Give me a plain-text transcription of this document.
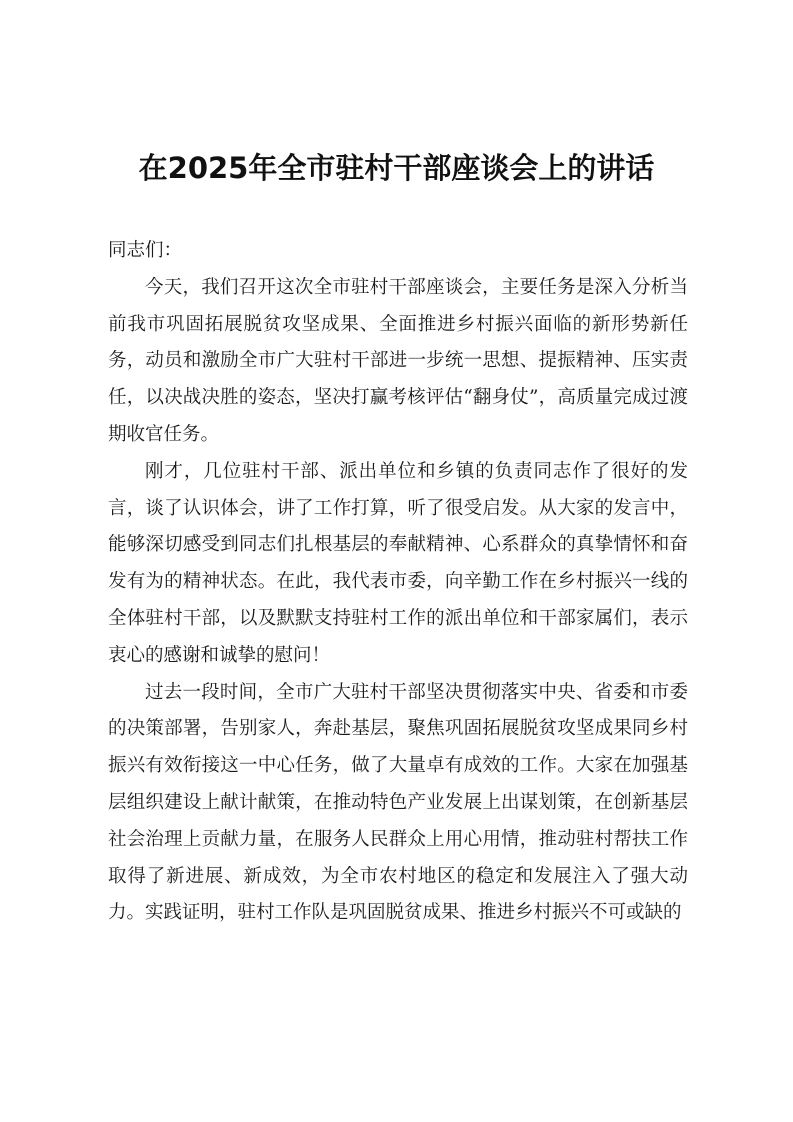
在2025年全市驻村干部座谈会上的讲话

同志们：

今天，我们召开这次全市驻村干部座谈会，主要任务是深入分析当前我市巩固拓展脱贫攻坚成果、全面推进乡村振兴面临的新形势新任务，动员和激励全市广大驻村干部进一步统一思想、提振精神、压实责任，以决战决胜的姿态，坚决打赢考核评估“翻身仗”，高质量完成过渡期收官任务。

刚才，几位驻村干部、派出单位和乡镇的负责同志作了很好的发言，谈了认识体会，讲了工作打算，听了很受启发。从大家的发言中，能够深切感受到同志们扎根基层的奉献精神、心系群众的真挚情怀和奋发有为的精神状态。在此，我代表市委，向辛勤工作在乡村振兴一线的全体驻村干部，以及默默支持驻村工作的派出单位和干部家属们，表示衷心的感谢和诚挚的慰问！

过去一段时间，全市广大驻村干部坚决贯彻落实中央、省委和市委的决策部署，告别家人，奔赴基层，聚焦巩固拓展脱贫攻坚成果同乡村振兴有效衔接这一中心任务，做了大量卓有成效的工作。大家在加强基层组织建设上献计献策，在推动特色产业发展上出谋划策，在创新基层社会治理上贡献力量，在服务人民群众上用心用情，推动驻村帮扶工作取得了新进展、新成效，为全市农村地区的稳定和发展注入了强大动力。实践证明，驻村工作队是巩固脱贫成果、推进乡村振兴不可或缺的
